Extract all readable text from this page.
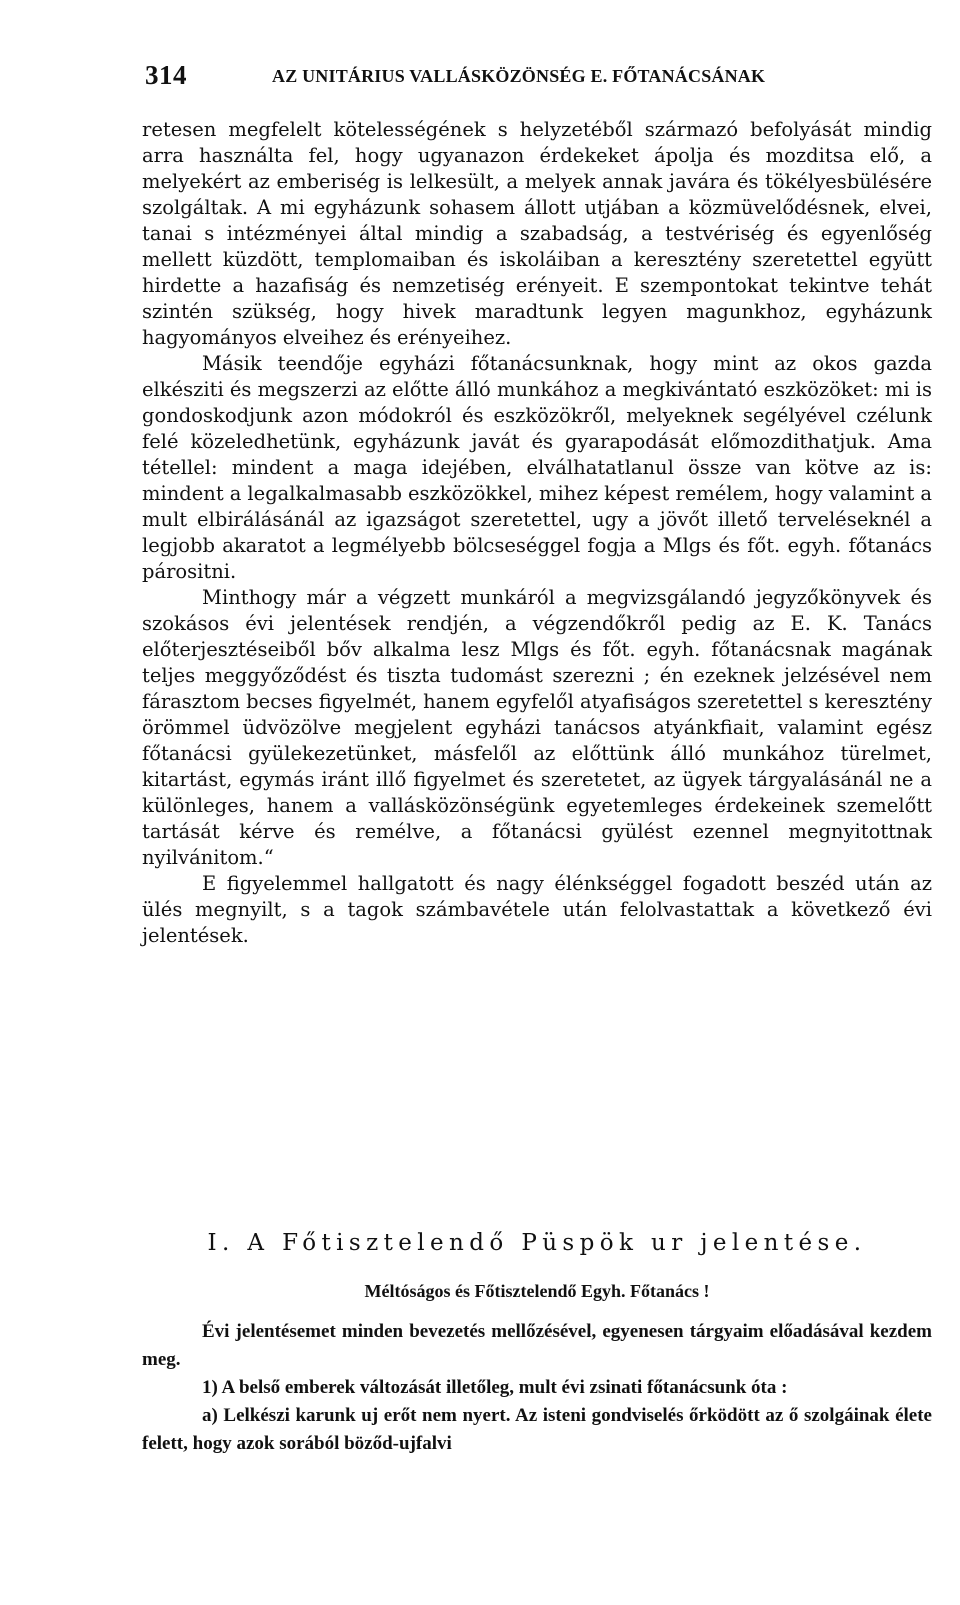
314	AZ UNITÁRIUS VALLÁSKÖZÖNSÉG E. FŐTANÁCSÁNAK

retesen megfelelt kötelességének s helyzetéből származó befolyását mindig arra használta fel, hogy ugyanazon érdekeket ápolja és mozditsa elő, a melyekért az emberiség is lelkesült, a melyek annak javára és tökélyesbülésére szolgáltak. A mi egyházunk sohasem állott utjában a közmüvelődésnek, elvei, tanai s intézményei által mindig a szabadság, a testvériség és egyenlőség mellett küzdött, templomaiban és iskoláiban a keresztény szeretettel együtt hirdette a hazafiság és nemzetiség erényeit. E szempontokat tekintve tehát szintén szükség, hogy hivek maradtunk legyen magunkhoz, egyházunk hagyományos elveihez és erényeihez.

Másik teendője egyházi főtanácsunknak, hogy mint az okos gazda elkésziti és megszerzi az előtte álló munkához a megkivántató eszközöket: mi is gondoskodjunk azon módokról és eszközökről, melyeknek segélyével czélunk felé közeledhetünk, egyházunk javát és gyarapodását előmozdithatjuk. Ama tétellel: mindent a maga idejében, elválhatatlanul össze van kötve az is: mindent a legalkalmasabb eszközökkel, mihez képest remélem, hogy valamint a mult elbirálásánál az igazságot szeretettel, ugy a jövőt illető terveléseknél a legjobb akaratot a legmélyebb bölcseséggel fogja a Mlgs és főt. egyh. főtanács párositni.

Minthogy már a végzett munkáról a megvizsgálandó jegyzőkönyvek és szokásos évi jelentések rendjén, a végzendőkről pedig az E. K. Tanács előterjesztéseiből bőv alkalma lesz Mlgs és főt. egyh. főtanácsnak magának teljes meggyőződést és tiszta tudomást szerezni ; én ezeknek jelzésével nem fárasztom becses figyelmét, hanem egyfelől atyafiságos szeretettel s keresztény örömmel üdvözölve megjelent egyházi tanácsos atyánkfiait, valamint egész főtanácsi gyülekezetünket, másfelől az előttünk álló munkához türelmet, kitartást, egymás iránt illő figyelmet és szeretetet, az ügyek tárgyalásánál ne a különleges, hanem a vallásközönségünk egyetemleges érdekeinek szemelőtt tartását kérve és remélve, a főtanácsi gyülést ezennel megnyitottnak nyilvánitom.“

E figyelemmel hallgatott és nagy élénkséggel fogadott beszéd után az ülés megnyilt, s a tagok számbavétele után felolvastattak a következő évi jelentések.

I. A Főtisztelendő Püspök ur jelentése.
Méltóságos és Főtisztelendő Egyh. Főtanács !

Évi jelentésemet minden bevezetés mellőzésével, egyenesen tárgyaim előadásával kezdem meg.

1) A belső emberek változását illetőleg, mult évi zsinati főtanácsunk óta :

a) Lelkészi karunk uj erőt nem nyert. Az isteni gondviselés őrködött az ő szolgáinak élete felett, hogy azok sorából böződ-ujfalvi
